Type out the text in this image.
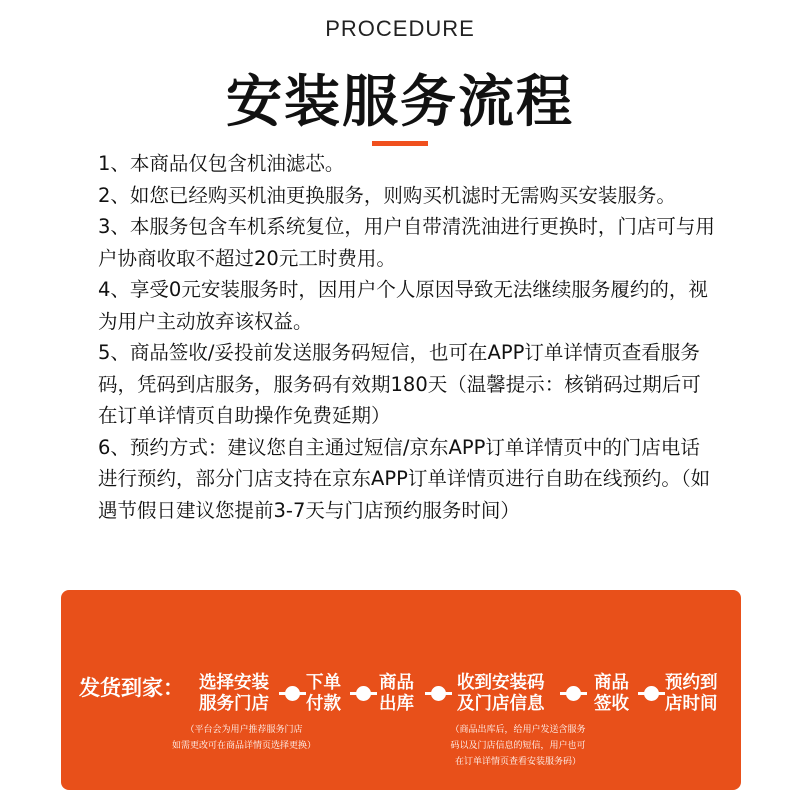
PROCEDURE
安装服务流程

1、本商品仅包含机油滤芯。

2、如您已经购买机油更换服务，则购买机滤时无需购买安装服务。

3、本服务包含车机系统复位，用户自带清洗油进行更换时，门店可与用户协商收取不超过20元工时费用。

4、享受0元安装服务时，因用户个人原因导致无法继续服务履约的，视为用户主动放弃该权益。

5、商品签收/妥投前发送服务码短信，也可在APP订单详情页查看服务码，凭码到店服务，服务码有效期180天（温馨提示：核销码过期后可在订单详情页自助操作免费延期）

6、预约方式：建议您自主通过短信/京东APP订单详情页中的门店电话进行预约，部分门店支持在京东APP订单详情页进行自助在线预约。（如遇节假日建议您提前3-7天与门店预约服务时间）

发货到家： 选择安装
服务门店
下单
付款
商品
出库
收到安装码
及门店信息
商品
签收
预约到
店时间
（平台会为用户推荐服务门店
如需更改可在商品详情页选择更换）
（商品出库后，给用户发送含服务
码以及门店信息的短信，用户也可
在订单详情页查看安装服务码）
